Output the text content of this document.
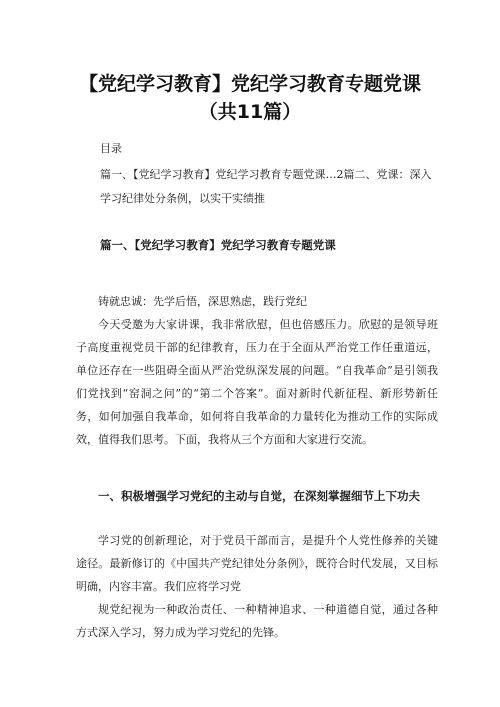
【党纪学习教育】党纪学习教育专题党课
（共11篇）
目录
篇一、【党纪学习教育】党纪学习教育专题党课…2篇二、党课：深入学习纪律处分条例，以实干实绩推
篇一、【党纪学习教育】党纪学习教育专题党课
铸就忠诚：先学后悟，深思熟虑，践行党纪
今天受邀为大家讲课，我非常欣慰，但也倍感压力。欣慰的是领导班子高度重视党员干部的纪律教育，压力在于全面从严治党工作任重道远，单位还存在一些阻碍全面从严治党纵深发展的问题。“自我革命”是引领我们党找到“窑洞之问”的“第二个答案”。面对新时代新征程、新形势新任务，如何加强自我革命，如何将自我革命的力量转化为推动工作的实际成效，值得我们思考。下面，我将从三个方面和大家进行交流。
一、积极增强学习党纪的主动与自觉，在深刻掌握细节上下功夫
学习党的创新理论，对于党员干部而言，是提升个人党性修养的关键途径。最新修订的《中国共产党纪律处分条例》，既符合时代发展，又目标明确，内容丰富。我们应将学习党
规党纪视为一种政治责任、一种精神追求、一种道德自觉，通过各种方式深入学习，努力成为学习党纪的先锋。
